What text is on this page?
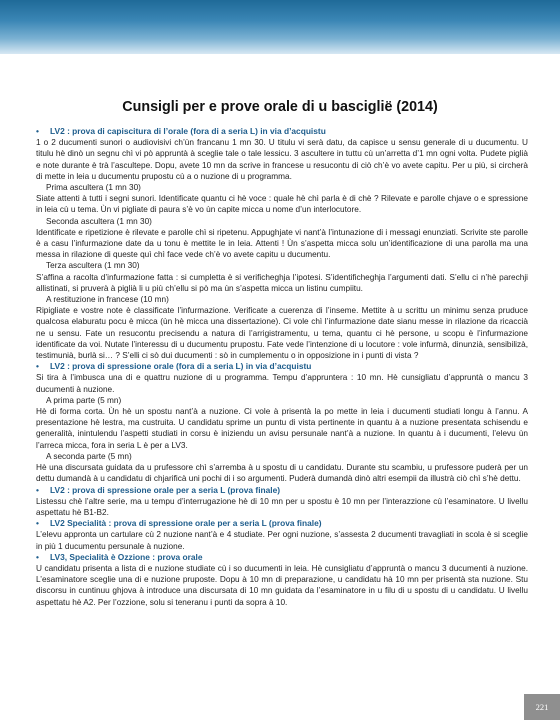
Cunsigli per e prove orale di u basciglië (2014)

• LV2 : prova di capiscitura di l’orale (fora di a seria L) in via d’acquistu

1 o 2 ducumenti sunori o audiovisivi ch’ùn francanu 1 mn 30. U titulu vi serà datu, da capisce u sensu generale di u ducumentu. U titulu hè dinò un segnu chì vi pò appruntà à sceglie tale o tale lessicu. 3 ascultere in tuttu cù un’arretta d’1 mn ogni volta. Pudete piglià e note durante è trà l’asculteре. Dopu, avete 10 mn da scrive in francese u resucontu di ciò ch’è vo avete capitu. Per u più, si circherà di mette in leia u ducumentu prupostu cù a o nuzione di u programma.

Prima ascultera (1 mn 30)

Siate attenti à tutti i segni sunori. Identificate quantu ci hè voce : quale hè chì parla è di chè ? Rilevate e parolle chjave o e spressione in leia cù u tema. Ùn vi pigliate di paura s’è vo ùn capite micca u nome d’un interlocutore.

Seconda ascultera (1 mn 30)

Identificate e ripetizione è rilevate e parolle chì si ripetenu. Appughjate vi nant’à l’intunazione di i messagi enunziati. Scrivite ste parolle è a casu l’infurmazione date da u tonu è mettite le in leia. Attenti ! Ùn s’aspetta micca solu un’identificazione di una parolla ma una messa in rilazione di queste quì chì face vede ch’è vo avete capitu u ducumentu.

Terza ascultera (1 mn 30)

S’affina a racolta d’infurmazione fatta : si cumpletta è si verificheghja l’ipotesi. S’identificheghja l’argumenti dati. S’ellu ci n’hè parechji allistinati, si pruverà à piglià li u più ch’ellu si pò ma ùn s’aspetta micca un listinu cumpiitu.

A restituzione in francese (10 mn)

Ripigliate e vostre note è classificate l’infurmazione. Verificate a cuerenza di l’inseme. Mettite à u scrittu un minimu senza pruduce qualcosa elaburatu pocu è micca (ùn hè micca una dissertazione). Ci vole chì l’infurmazione date sianu messe in rilazione da ricaccià ne u sensu. Fate un resucontu precisendu a natura di l’arrigistramentu, u tema, quantu ci hè persone, u scopu è l’infurmazione identificate da voi. Nutate l’interessu di u ducumentu prupostu. Fate vede l’intenzione di u locutore : vole infurmà, dinunzià, sensibilizà, testimunià, burlà si… ? S’elli ci sò dui ducumenti : sò in cumplementu o in opposizione in i punti di vista ?

• LV2 : prova di spressione orale (fora di a seria L) in via d’acquistu

Si tira à l’imbusca una di e quattru nuzione di u programma. Tempu d’appruntera : 10 mn. Hè cunsigliatu d’appruntà o mancu 3 ducumenti à nuzione.

A prima parte (5 mn)

Hè di forma corta. Ùn hè un spostu nant’à a nuzione. Ci vole à prisentà la po mette in leia i ducumenti studiati longu à l’annu. A presentazione hè lestra, ma custruita. U candidatu sprime un puntu di vista pertinente in quantu à a nuzione presentata schisendu e generalità, inintulendu l’aspetti studiati in corsu è iniziendu un avisu persunale nant’à a nuzione. In quantu à i ducumenti, l’elevu ùn l’arreca micca, fora in seria L è per a LV3.

A seconda parte (5 mn)

Hè una discursata guidata da u prufessore chì s’arremba à u spostu di u candidatu. Durante stu scambiu, u prufessore puderà per un dettu dumandà à u candidatu di chjarificà uni pochi di i so argumenti. Puderà dumandà dinò altri esempii da illustrà ciò chì s’hè dettu.

• LV2 : prova di spressione orale per a seria L (prova finale)

Listessu chè l’altre serie, ma u tempu d’interrugazione hè di 10 mn per u spostu è 10 mn per l’interazzione cù l’esaminatore. U livellu aspettatu hè B1-B2.

• LV2 Specialità : prova di spressione orale per a seria L (prova finale)

L’elevu appronta un cartulare cù 2 nuzione nant’à e 4 studiate. Per ogni nuzione, s’assesta 2 ducumenti travagliati in scola è si sceglie in più 1 ducumentu persunale à nuzione.

• LV3, Specialità è Ozzione : prova orale

U candidatu prisenta a lista di e nuzione studiate cù i so ducumenti in leia. Hè cunsigliatu d’appruntà o mancu 3 ducumenti à nuzione. L’esaminatore sceglie una di e nuzione pruposte. Dopu à 10 mn di preparazione, u candidatu hà 10 mn per prisentà sta nuzione. Stu discorsu in cuntinuu ghjova à introduce una discursata di 10 mn guidata da l’esaminatore in u filu di u spostu di u candidatu. U livellu aspettatu hè A2. Per l’ozzione, solu si teneranu i punti da sopra à 10.

221
